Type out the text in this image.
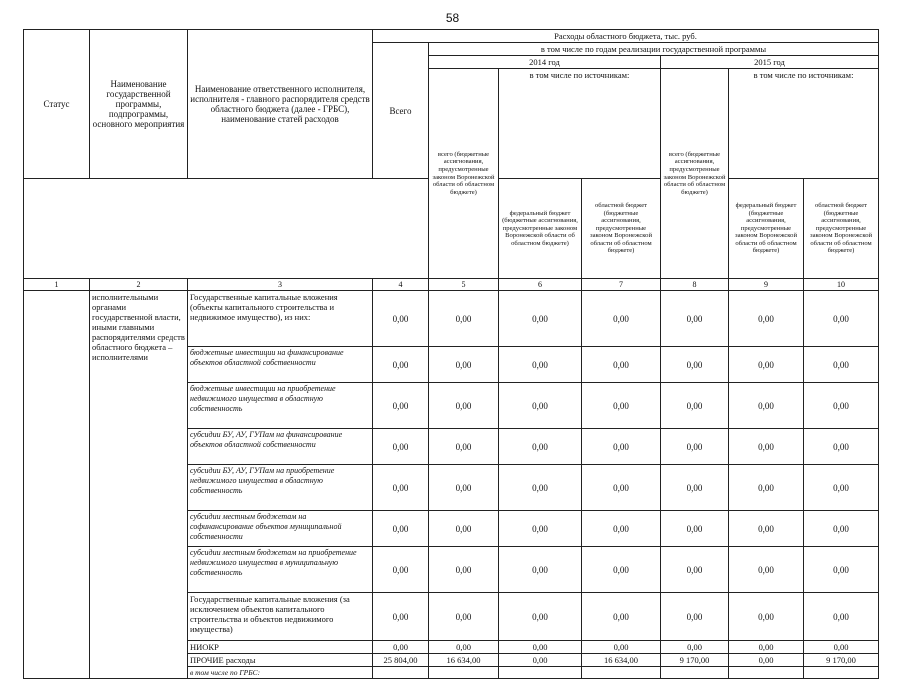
58
Статус	Наименование государственной программы, подпрограммы, основного мероприятия	Наименование ответственного исполнителя, исполнителя - главного распорядителя средств областного бюджета (далее - ГРБС), наименование статей расходов	Расходы областного бюджета, тыс. руб.						
			Всего	в том числе по годам реализации государственной программы					
				2014 год			2015 год		
				всего (бюджетные ассигнования, предусмотренные законом Воронежской области об областном бюджете)	в том числе по источникам:		всего (бюджетные ассигнования, предусмотренные законом Воронежской области об областном бюджете)	в том числе по источникам:	
					федеральный бюджет (бюджетные ассигнования, предусмотренные законом Воронежской области об областном бюджете)	областной бюджет (бюджетные ассигнования, предусмотренные законом Воронежской области об областном бюджете)		федеральный бюджет (бюджетные ассигнования, предусмотренные законом Воронежской области об областном бюджете)	областной бюджет (бюджетные ассигнования, предусмотренные законом Воронежской области об областном бюджете)
1	2	3	4	5	6	7	8	9	10
	исполнительными органами государственной власти, иными главными распорядителями средств областного бюджета – исполнителями	Государственные капитальные вложения (объекты капитального строительства и недвижимое имущество), из них:	0,00	0,00	0,00	0,00	0,00	0,00	0,00
		бюджетные инвестиции на финансирование объектов областной собственности	0,00	0,00	0,00	0,00	0,00	0,00	0,00
		бюджетные инвестиции на приобретение недвижимого имущества в областную собственность	0,00	0,00	0,00	0,00	0,00	0,00	0,00
		субсидии БУ, АУ, ГУПам на финансирование объектов областной собственности	0,00	0,00	0,00	0,00	0,00	0,00	0,00
		субсидии БУ, АУ, ГУПам на приобретение недвижимого имущества в областную собственность	0,00	0,00	0,00	0,00	0,00	0,00	0,00
		субсидии местным бюджетам на софинансирование объектов муниципальной собственности	0,00	0,00	0,00	0,00	0,00	0,00	0,00
		субсидии местным бюджетам на приобретение недвижимого имущества в муниципальную собственность	0,00	0,00	0,00	0,00	0,00	0,00	0,00
		Государственные капитальные вложения (за исключением объектов капитального строительства и объектов недвижимого имущества)	0,00	0,00	0,00	0,00	0,00	0,00	0,00
		НИОКР	0,00	0,00	0,00	0,00	0,00	0,00	0,00
		ПРОЧИЕ расходы	25 804,00	16 634,00	0,00	16 634,00	9 170,00	0,00	9 170,00
		в том числе по ГРБС:							
